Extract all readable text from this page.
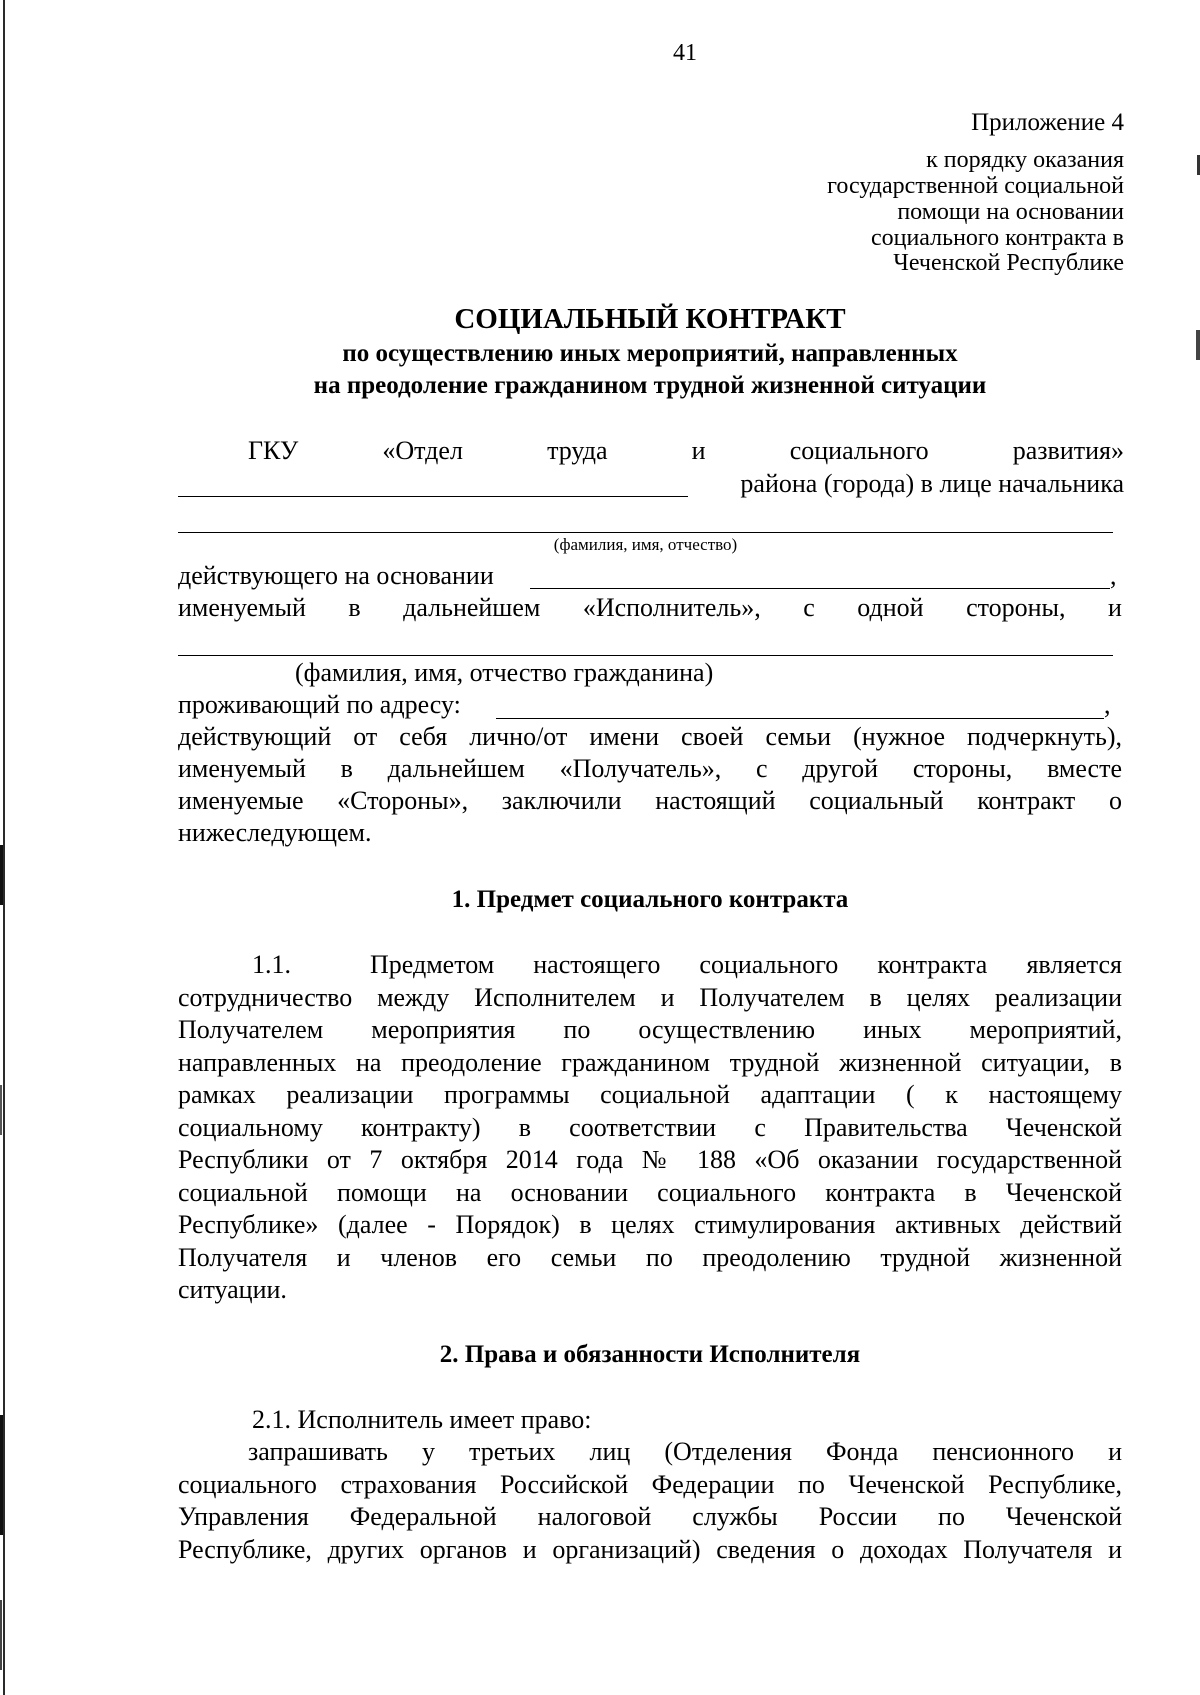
41
Приложение 4
к порядку оказания
государственной социальной
помощи на основании
социального контракта в
Чеченской Республике
СОЦИАЛЬНЫЙ КОНТРАКТ
по осуществлению иных мероприятий, направленных
на преодоление гражданином трудной жизненной ситуации
ГКУ	«Отдел	труда	и	социального	развития»
района (города) в лице начальника
(фамилия, имя, отчество)
действующего на основании	,
именуемый в дальнейшем «Исполнитель», с одной стороны, и
(фамилия, имя, отчество гражданина)
проживающий по адресу:	,
действующий от себя лично/от имени своей семьи (нужное подчеркнуть),
именуемый в дальнейшем «Получатель», с другой стороны, вместе
именуемые «Стороны», заключили настоящий социальный контракт о
нижеследующем.
1. Предмет социального контракта
1.1.	Предметом настоящего социального контракта является
сотрудничество между Исполнителем и Получателем в целях реализации
Получателем мероприятия по осуществлению иных мероприятий,
направленных на преодоление гражданином трудной жизненной ситуации, в
рамках реализации программы социальной адаптации ( к настоящему
социальному контракту) в соответствии с Правительства Чеченской
Республики от 7 октября 2014 года № 188 «Об оказании государственной
социальной помощи на основании социального контракта в Чеченской
Республике» (далее - Порядок) в целях стимулирования активных действий
Получателя и членов его семьи по преодолению трудной жизненной
ситуации.
2. Права и обязанности Исполнителя
2.1. Исполнитель имеет право:
запрашивать у третьих лиц (Отделения Фонда пенсионного и
социального страхования Российской Федерации по Чеченской Республике,
Управления Федеральной налоговой службы России по Чеченской
Республике, других органов и организаций) сведения о доходах Получателя и
